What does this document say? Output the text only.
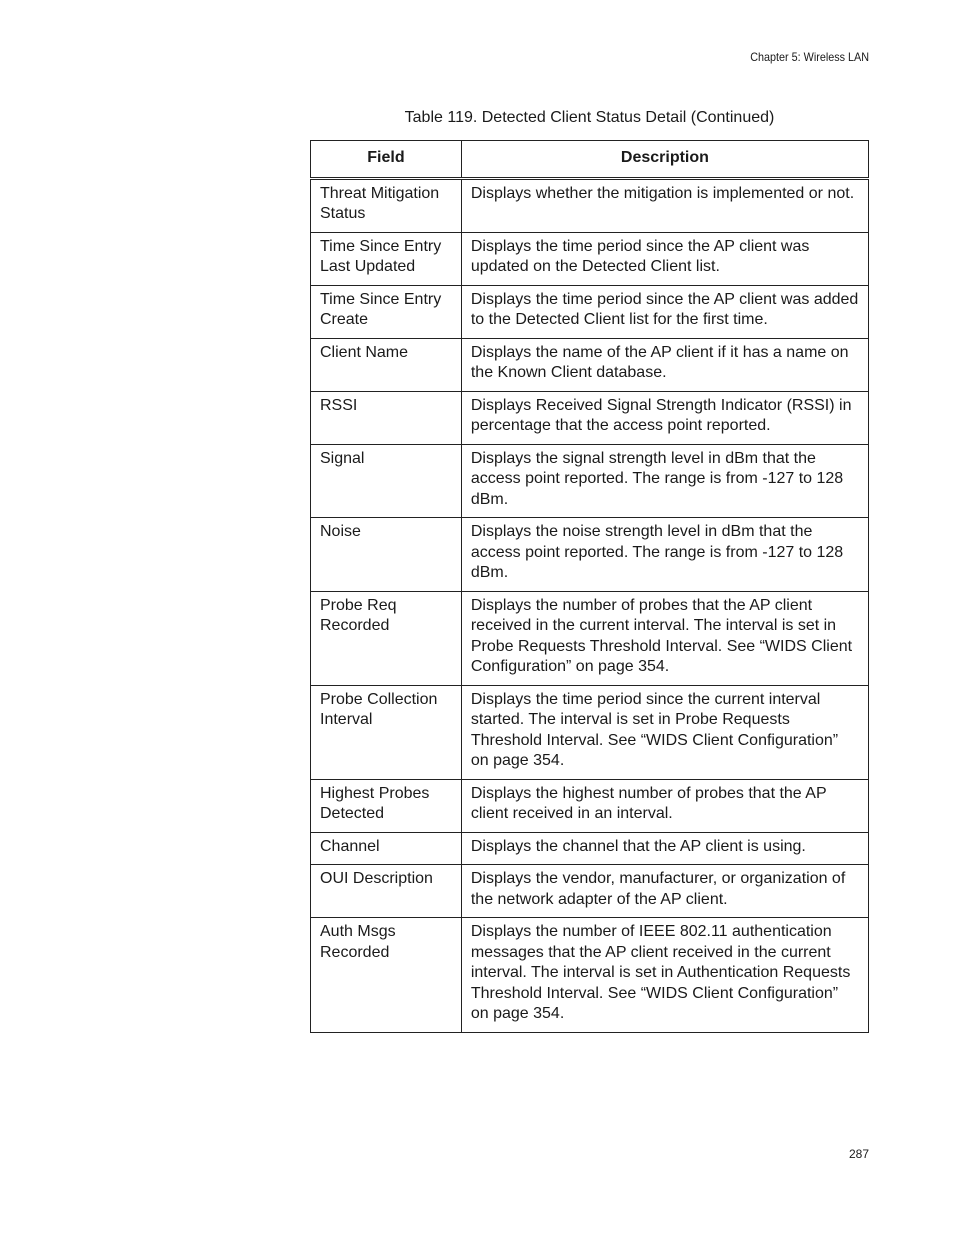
Chapter 5: Wireless LAN
Table 119. Detected Client Status Detail (Continued)
Field	Description
Threat Mitigation Status	Displays whether the mitigation is implemented or not.
Time Since Entry Last Updated	Displays the time period since the AP client was updated on the Detected Client list.
Time Since Entry Create	Displays the time period since the AP client was added to the Detected Client list for the first time.
Client Name	Displays the name of the AP client if it has a name on the Known Client database.
RSSI	Displays Received Signal Strength Indicator (RSSI) in percentage that the access point reported.
Signal	Displays the signal strength level in dBm that the access point reported. The range is from -127 to 128 dBm.
Noise	Displays the noise strength level in dBm that the access point reported. The range is from -127 to 128 dBm.
Probe Req Recorded	Displays the number of probes that the AP client received in the current interval. The interval is set in Probe Requests Threshold Interval. See “WIDS Client Configuration” on page 354.
Probe Collection Interval	Displays the time period since the current interval started. The interval is set in Probe Requests Threshold Interval. See “WIDS Client Configuration” on page 354.
Highest Probes Detected	Displays the highest number of probes that the AP client received in an interval.
Channel	Displays the channel that the AP client is using.
OUI Description	Displays the vendor, manufacturer, or organization of the network adapter of the AP client.
Auth Msgs Recorded	Displays the number of IEEE 802.11 authentication messages that the AP client received in the current interval. The interval is set in Authentication Requests Threshold Interval. See “WIDS Client Configuration” on page 354.
287
